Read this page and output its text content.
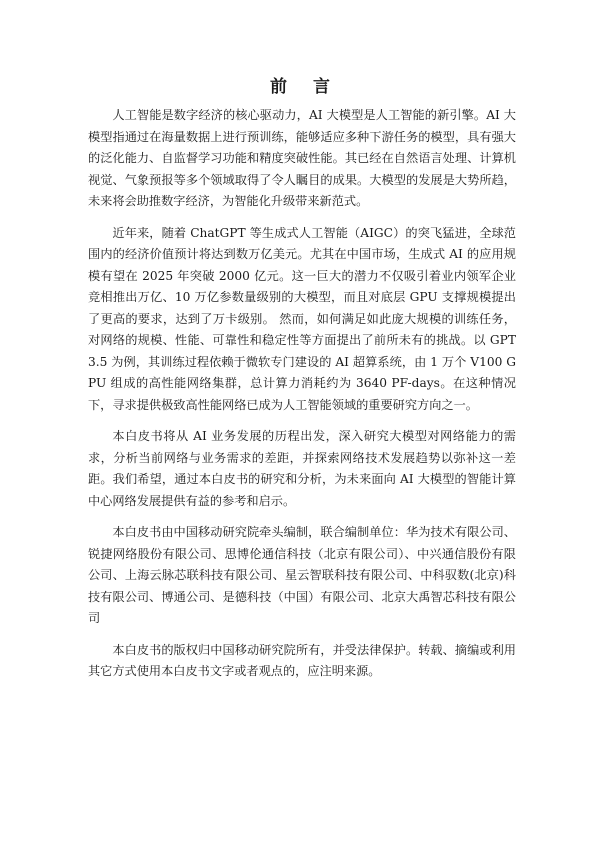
前 言

人工智能是数字经济的核心驱动力，AI 大模型是人工智能的新引擎。AI 大模型指通过在海量数据上进行预训练，能够适应多种下游任务的模型，具有强大的泛化能力、自监督学习功能和精度突破性能。其已经在自然语言处理、计算机视觉、气象预报等多个领域取得了令人瞩目的成果。大模型的发展是大势所趋，未来将会助推数字经济，为智能化升级带来新范式。

近年来，随着 ChatGPT 等生成式人工智能（AIGC）的突飞猛进，全球范围内的经济价值预计将达到数万亿美元。尤其在中国市场，生成式 AI 的应用规模有望在 2025 年突破 2000 亿元。这一巨大的潜力不仅吸引着业内领军企业竞相推出万亿、10 万亿参数量级别的大模型，而且对底层 GPU 支撑规模提出了更高的要求，达到了万卡级别。 然而，如何满足如此庞大规模的训练任务，对网络的规模、性能、可靠性和稳定性等方面提出了前所未有的挑战。以 GPT3.5 为例，其训练过程依赖于微软专门建设的 AI 超算系统，由 1 万个 V100 GPU 组成的高性能网络集群，总计算力消耗约为 3640 PF-days。在这种情况下，寻求提供极致高性能网络已成为人工智能领域的重要研究方向之一。

本白皮书将从 AI 业务发展的历程出发，深入研究大模型对网络能力的需求，分析当前网络与业务需求的差距，并探索网络技术发展趋势以弥补这一差距。我们希望，通过本白皮书的研究和分析，为未来面向 AI 大模型的智能计算中心网络发展提供有益的参考和启示。

本白皮书由中国移动研究院牵头编制，联合编制单位：华为技术有限公司、锐捷网络股份有限公司、思博伦通信科技（北京有限公司）、中兴通信股份有限公司、上海云脉芯联科技有限公司、星云智联科技有限公司、中科驭数(北京)科技有限公司、博通公司、是德科技（中国）有限公司、北京大禹智芯科技有限公司

本白皮书的版权归中国移动研究院所有，并受法律保护。转载、摘编或利用其它方式使用本白皮书文字或者观点的，应注明来源。
